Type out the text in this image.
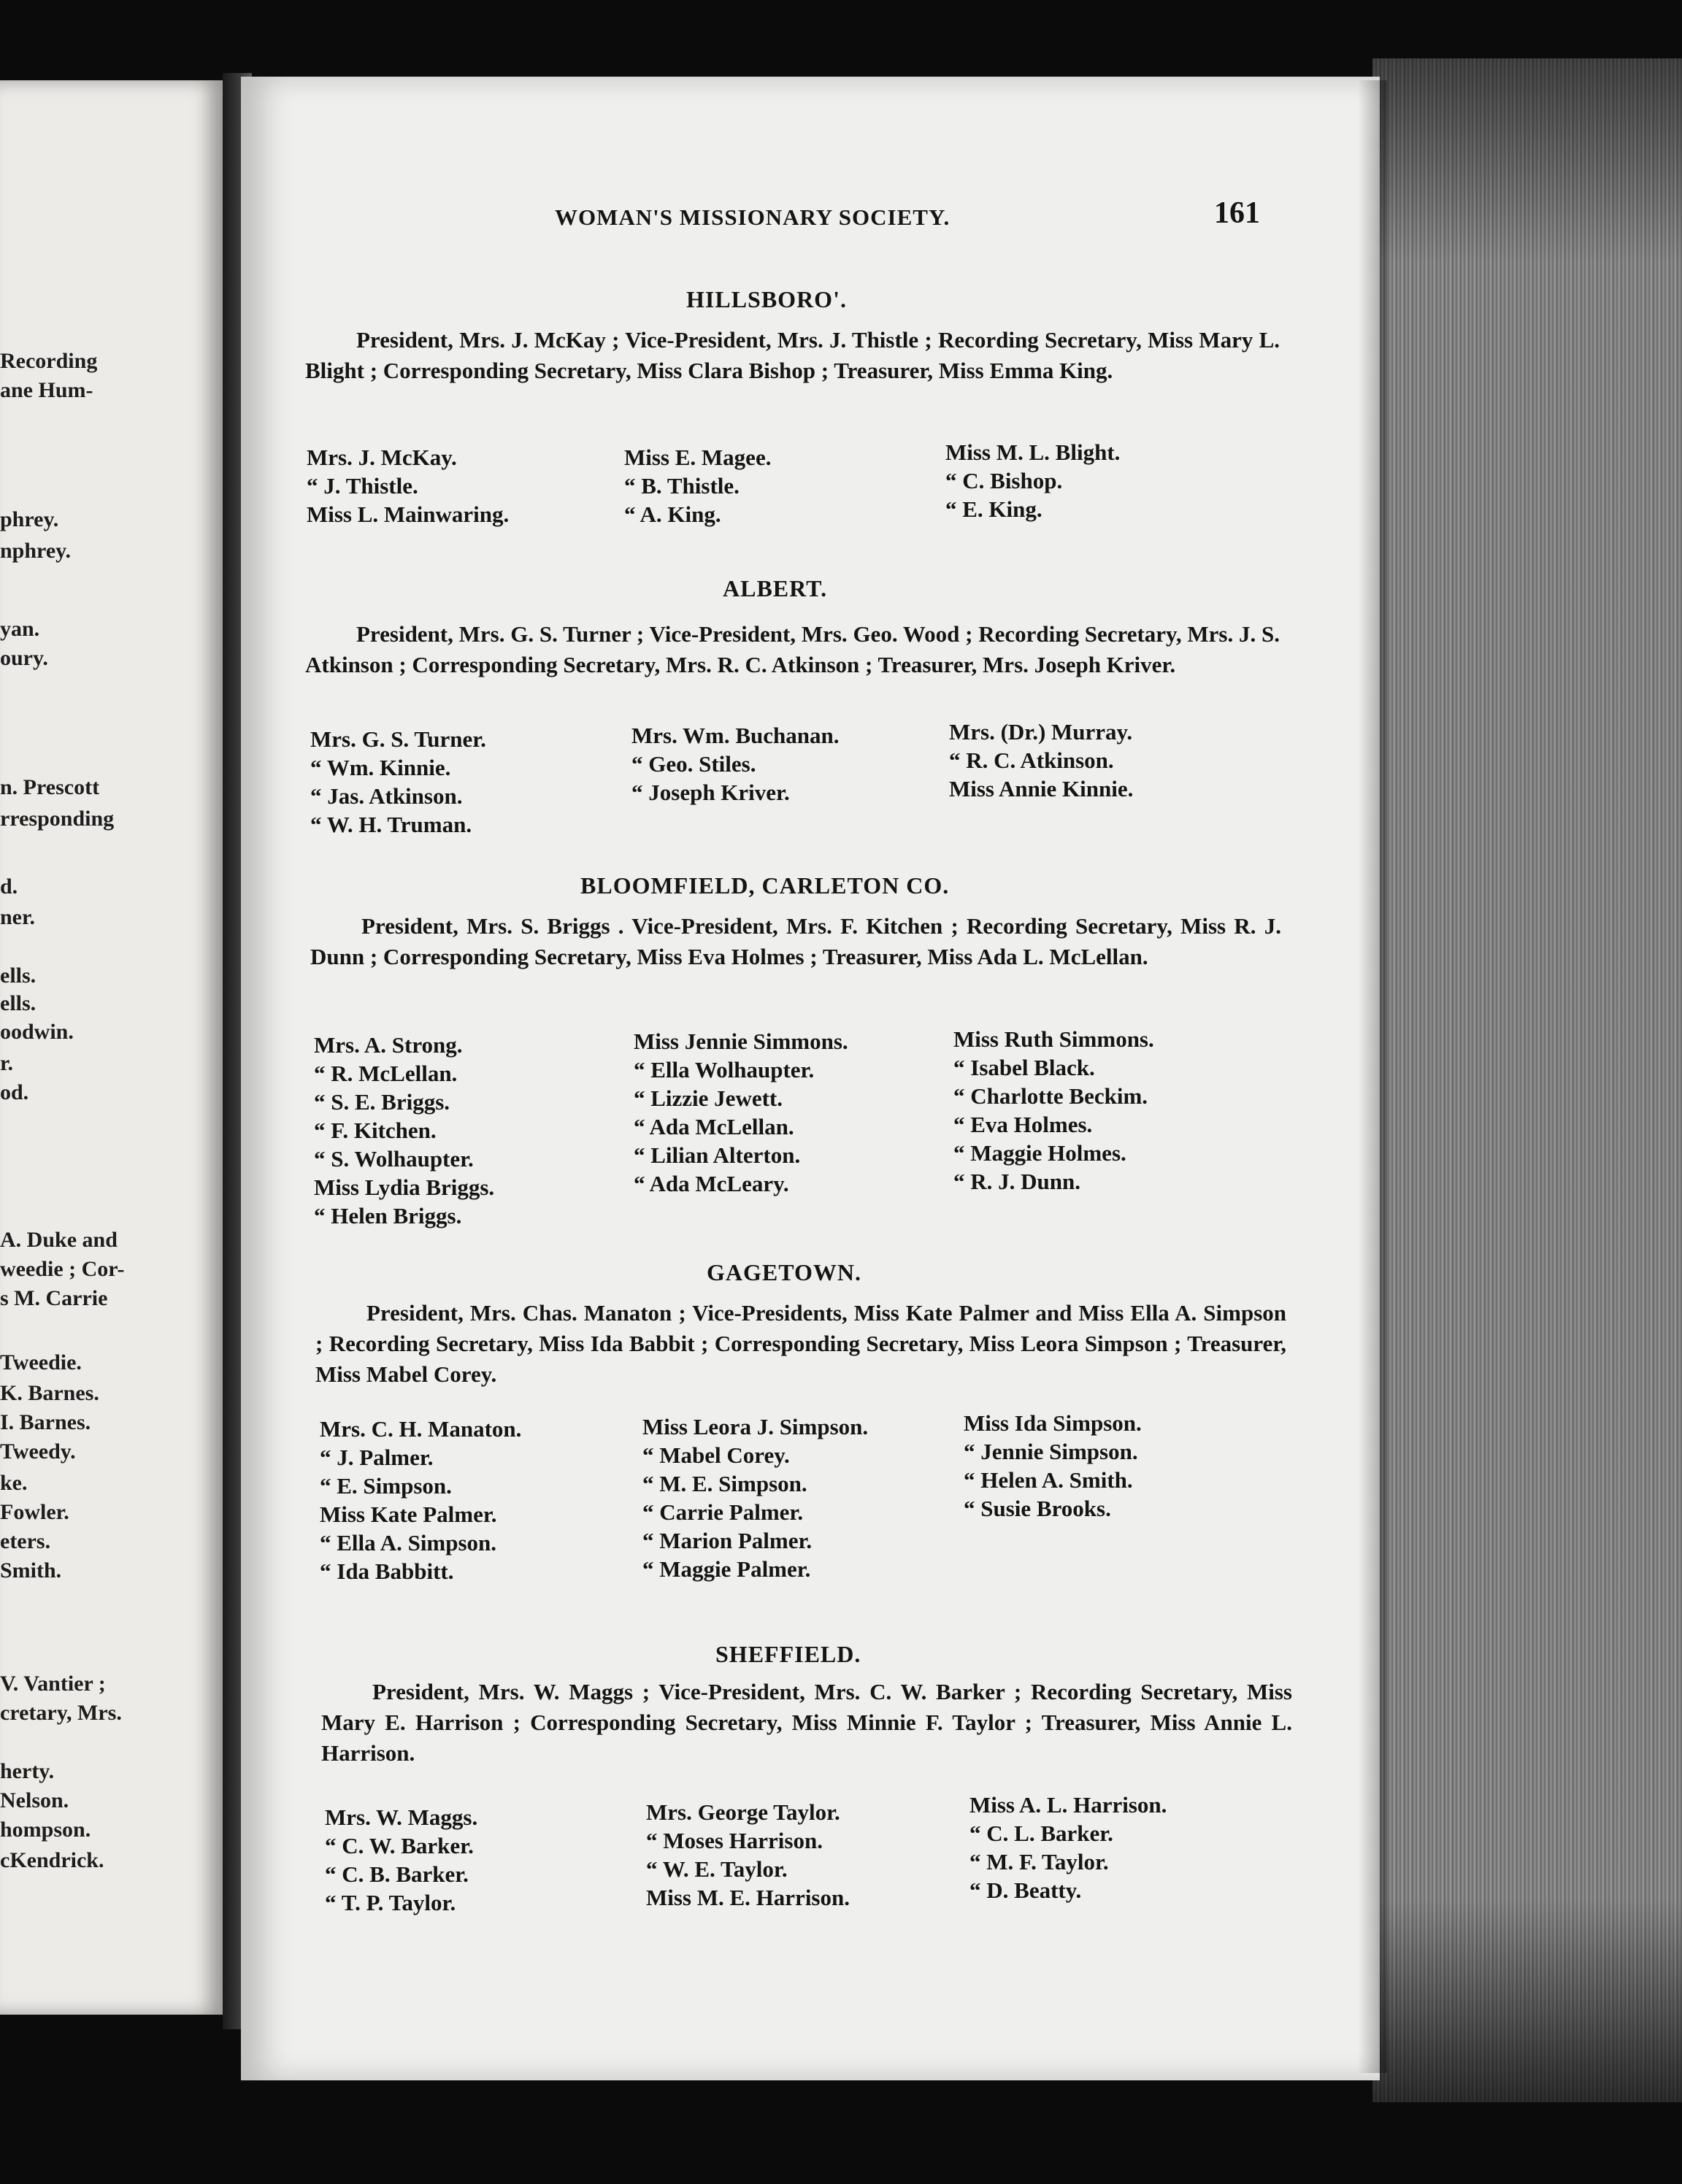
Recording
ane Hum-
phrey.
nphrey.
yan.
oury.
n. Prescott
rresponding
d.
ner.
ells.
ells.
oodwin.
r.
od.
A. Duke and
weedie ; Cor-
s M. Carrie
Tweedie.
K. Barnes.
I. Barnes.
Tweedy.
ke.
Fowler.
eters.
Smith.
V. Vantier ;
cretary, Mrs.
herty.
Nelson.
hompson.
cKendrick.
WOMAN'S MISSIONARY SOCIETY.	161
HILLSBORO'.
President, Mrs. J. McKay ; Vice-President, Mrs. J. Thistle ; Recording Secretary, Miss Mary L. Blight ; Corresponding Secretary, Miss Clara Bishop ; Treasurer, Miss Emma King.
Mrs. J. McKay.
“ J. Thistle.
Miss L. Mainwaring.
Miss E. Magee.
“ B. Thistle.
“ A. King.
Miss M. L. Blight.
“ C. Bishop.
“ E. King.
ALBERT.
President, Mrs. G. S. Turner ; Vice-President, Mrs. Geo. Wood ; Recording Secretary, Mrs. J. S. Atkinson ; Corresponding Secretary, Mrs. R. C. Atkinson ; Treasurer, Mrs. Joseph Kriver.
Mrs. G. S. Turner.
“ Wm. Kinnie.
“ Jas. Atkinson.
“ W. H. Truman.
Mrs. Wm. Buchanan.
“ Geo. Stiles.
“ Joseph Kriver.
Mrs. (Dr.) Murray.
“ R. C. Atkinson.
Miss Annie Kinnie.
BLOOMFIELD, CARLETON CO.
President, Mrs. S. Briggs . Vice-President, Mrs. F. Kitchen ; Recording Secretary, Miss R. J. Dunn ; Corresponding Secretary, Miss Eva Holmes ; Treasurer, Miss Ada L. McLellan.
Mrs. A. Strong.
“ R. McLellan.
“ S. E. Briggs.
“ F. Kitchen.
“ S. Wolhaupter.
Miss Lydia Briggs.
“ Helen Briggs.
Miss Jennie Simmons.
“ Ella Wolhaupter.
“ Lizzie Jewett.
“ Ada McLellan.
“ Lilian Alterton.
“ Ada McLeary.
Miss Ruth Simmons.
“ Isabel Black.
“ Charlotte Beckim.
“ Eva Holmes.
“ Maggie Holmes.
“ R. J. Dunn.
GAGETOWN.
President, Mrs. Chas. Manaton ; Vice-Presidents, Miss Kate Palmer and Miss Ella A. Simpson ; Recording Secretary, Miss Ida Babbit ; Corresponding Secretary, Miss Leora Simpson ; Treasurer, Miss Mabel Corey.
Mrs. C. H. Manaton.
“ J. Palmer.
“ E. Simpson.
Miss Kate Palmer.
“ Ella A. Simpson.
“ Ida Babbitt.
Miss Leora J. Simpson.
“ Mabel Corey.
“ M. E. Simpson.
“ Carrie Palmer.
“ Marion Palmer.
“ Maggie Palmer.
Miss Ida Simpson.
“ Jennie Simpson.
“ Helen A. Smith.
“ Susie Brooks.
SHEFFIELD.
President, Mrs. W. Maggs ; Vice-President, Mrs. C. W. Barker ; Recording Secretary, Miss Mary E. Harrison ; Corresponding Secretary, Miss Minnie F. Taylor ; Treasurer, Miss Annie L. Harrison.
Mrs. W. Maggs.
“ C. W. Barker.
“ C. B. Barker.
“ T. P. Taylor.
Mrs. George Taylor.
“ Moses Harrison.
“ W. E. Taylor.
Miss M. E. Harrison.
Miss A. L. Harrison.
“ C. L. Barker.
“ M. F. Taylor.
“ D. Beatty.
